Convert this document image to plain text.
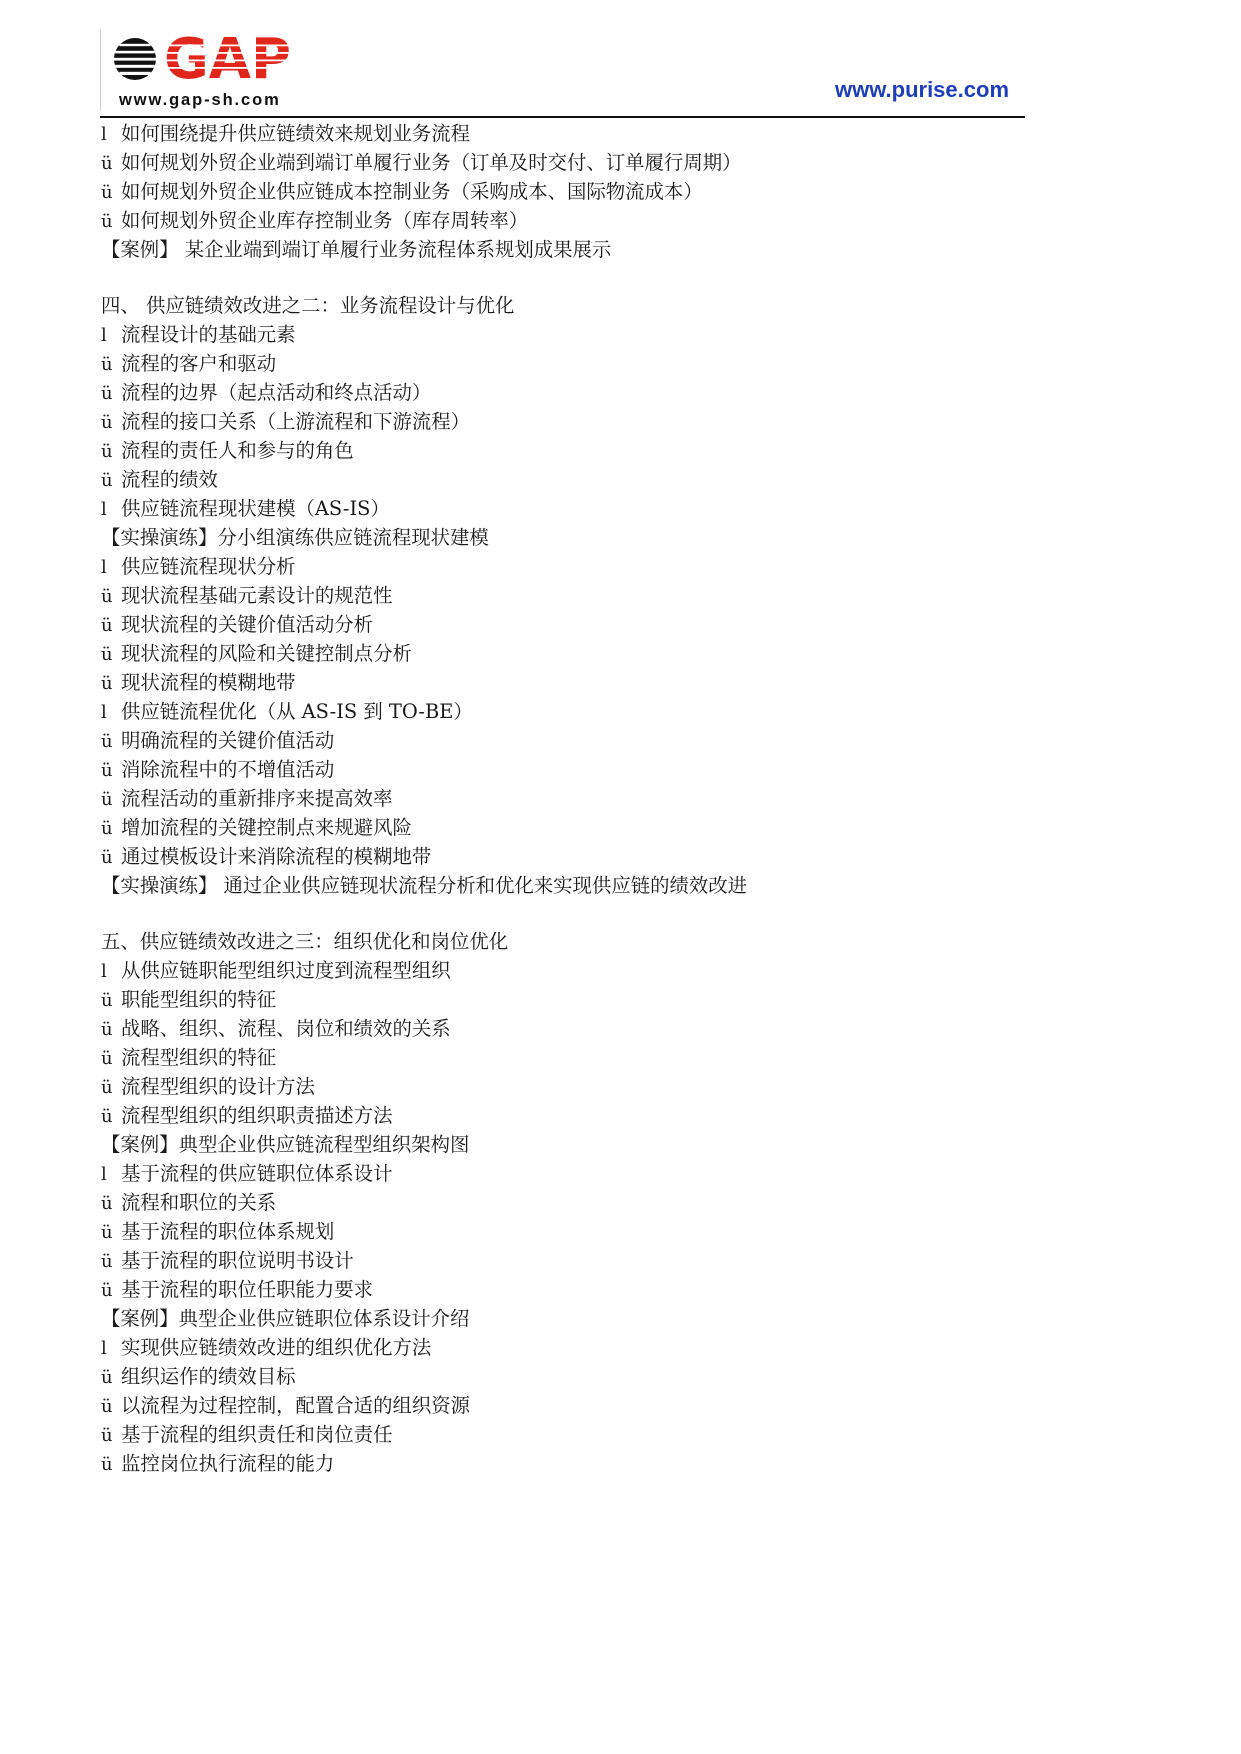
www.gap-sh.com	www.purise.com
l 如何围绕提升供应链绩效来规划业务流程
ü 如何规划外贸企业端到端订单履行业务（订单及时交付、订单履行周期）
ü 如何规划外贸企业供应链成本控制业务（采购成本、国际物流成本）
ü 如何规划外贸企业库存控制业务（库存周转率）
【案例】 某企业端到端订单履行业务流程体系规划成果展示
四、 供应链绩效改进之二：业务流程设计与优化
l 流程设计的基础元素
ü 流程的客户和驱动
ü 流程的边界（起点活动和终点活动）
ü 流程的接口关系（上游流程和下游流程）
ü 流程的责任人和参与的角色
ü 流程的绩效
l 供应链流程现状建模（AS-IS）
【实操演练】分小组演练供应链流程现状建模
l 供应链流程现状分析
ü 现状流程基础元素设计的规范性
ü 现状流程的关键价值活动分析
ü 现状流程的风险和关键控制点分析
ü 现状流程的模糊地带
l 供应链流程优化（从 AS-IS 到 TO-BE）
ü 明确流程的关键价值活动
ü 消除流程中的不增值活动
ü 流程活动的重新排序来提高效率
ü 增加流程的关键控制点来规避风险
ü 通过模板设计来消除流程的模糊地带
【实操演练】 通过企业供应链现状流程分析和优化来实现供应链的绩效改进
五、供应链绩效改进之三：组织优化和岗位优化
l 从供应链职能型组织过度到流程型组织
ü 职能型组织的特征
ü 战略、组织、流程、岗位和绩效的关系
ü 流程型组织的特征
ü 流程型组织的设计方法
ü 流程型组织的组织职责描述方法
【案例】典型企业供应链流程型组织架构图
l 基于流程的供应链职位体系设计
ü 流程和职位的关系
ü 基于流程的职位体系规划
ü 基于流程的职位说明书设计
ü 基于流程的职位任职能力要求
【案例】典型企业供应链职位体系设计介绍
l 实现供应链绩效改进的组织优化方法
ü 组织运作的绩效目标
ü 以流程为过程控制，配置合适的组织资源
ü 基于流程的组织责任和岗位责任
ü 监控岗位执行流程的能力
